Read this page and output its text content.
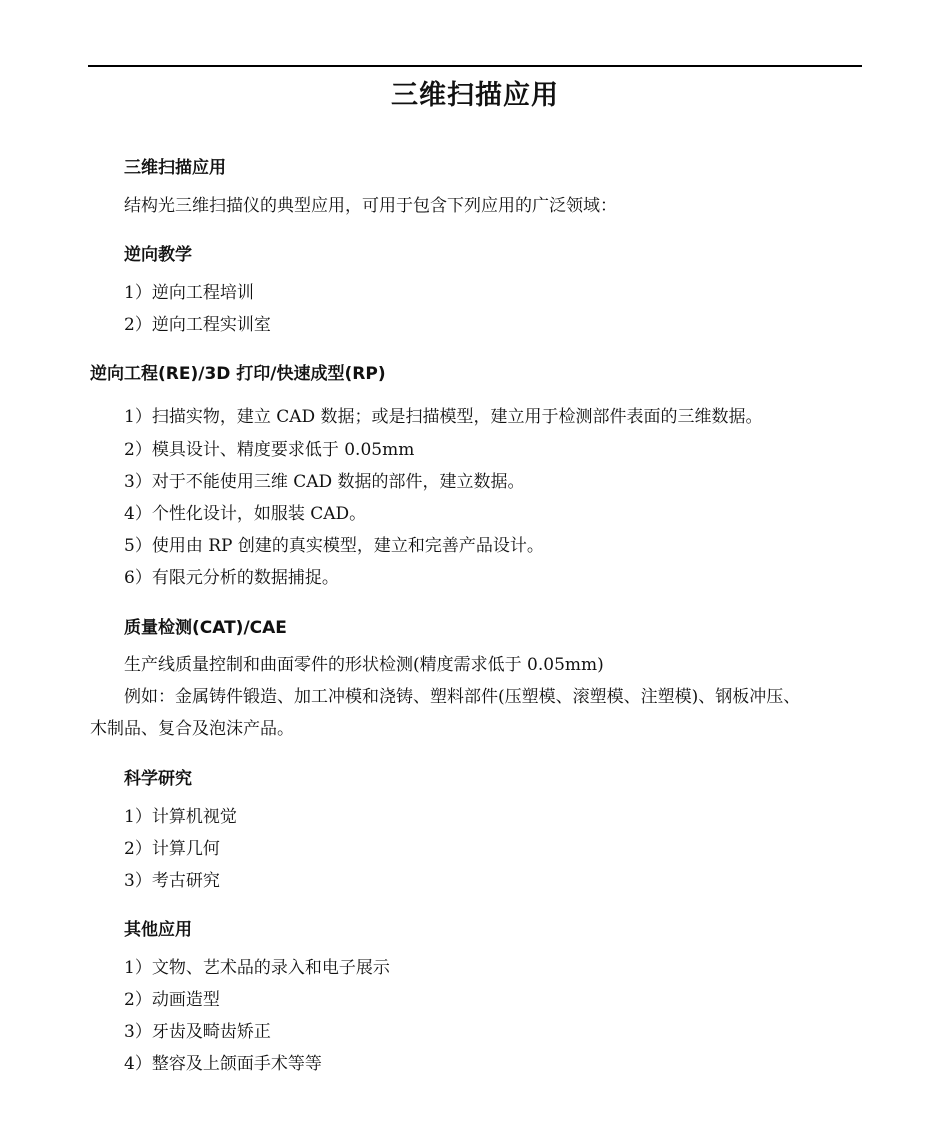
三维扫描应用
三维扫描应用
结构光三维扫描仪的典型应用，可用于包含下列应用的广泛领域：
逆向教学
1）逆向工程培训
2）逆向工程实训室
逆向工程(RE)/3D 打印/快速成型(RP)
1）扫描实物，建立 CAD 数据；或是扫描模型，建立用于检测部件表面的三维数据。
2）模具设计、精度要求低于 0.05mm
3）对于不能使用三维 CAD 数据的部件，建立数据。
4）个性化设计，如服装 CAD。
5）使用由 RP 创建的真实模型，建立和完善产品设计。
6）有限元分析的数据捕捉。
质量检测(CAT)/CAE
生产线质量控制和曲面零件的形状检测(精度需求低于 0.05mm)
例如：金属铸件锻造、加工冲模和浇铸、塑料部件(压塑模、滚塑模、注塑模)、钢板冲压、
木制品、复合及泡沫产品。
科学研究
1）计算机视觉
2）计算几何
3）考古研究
其他应用
1）文物、艺术品的录入和电子展示
2）动画造型
3）牙齿及畸齿矫正
4）整容及上颌面手术等等
